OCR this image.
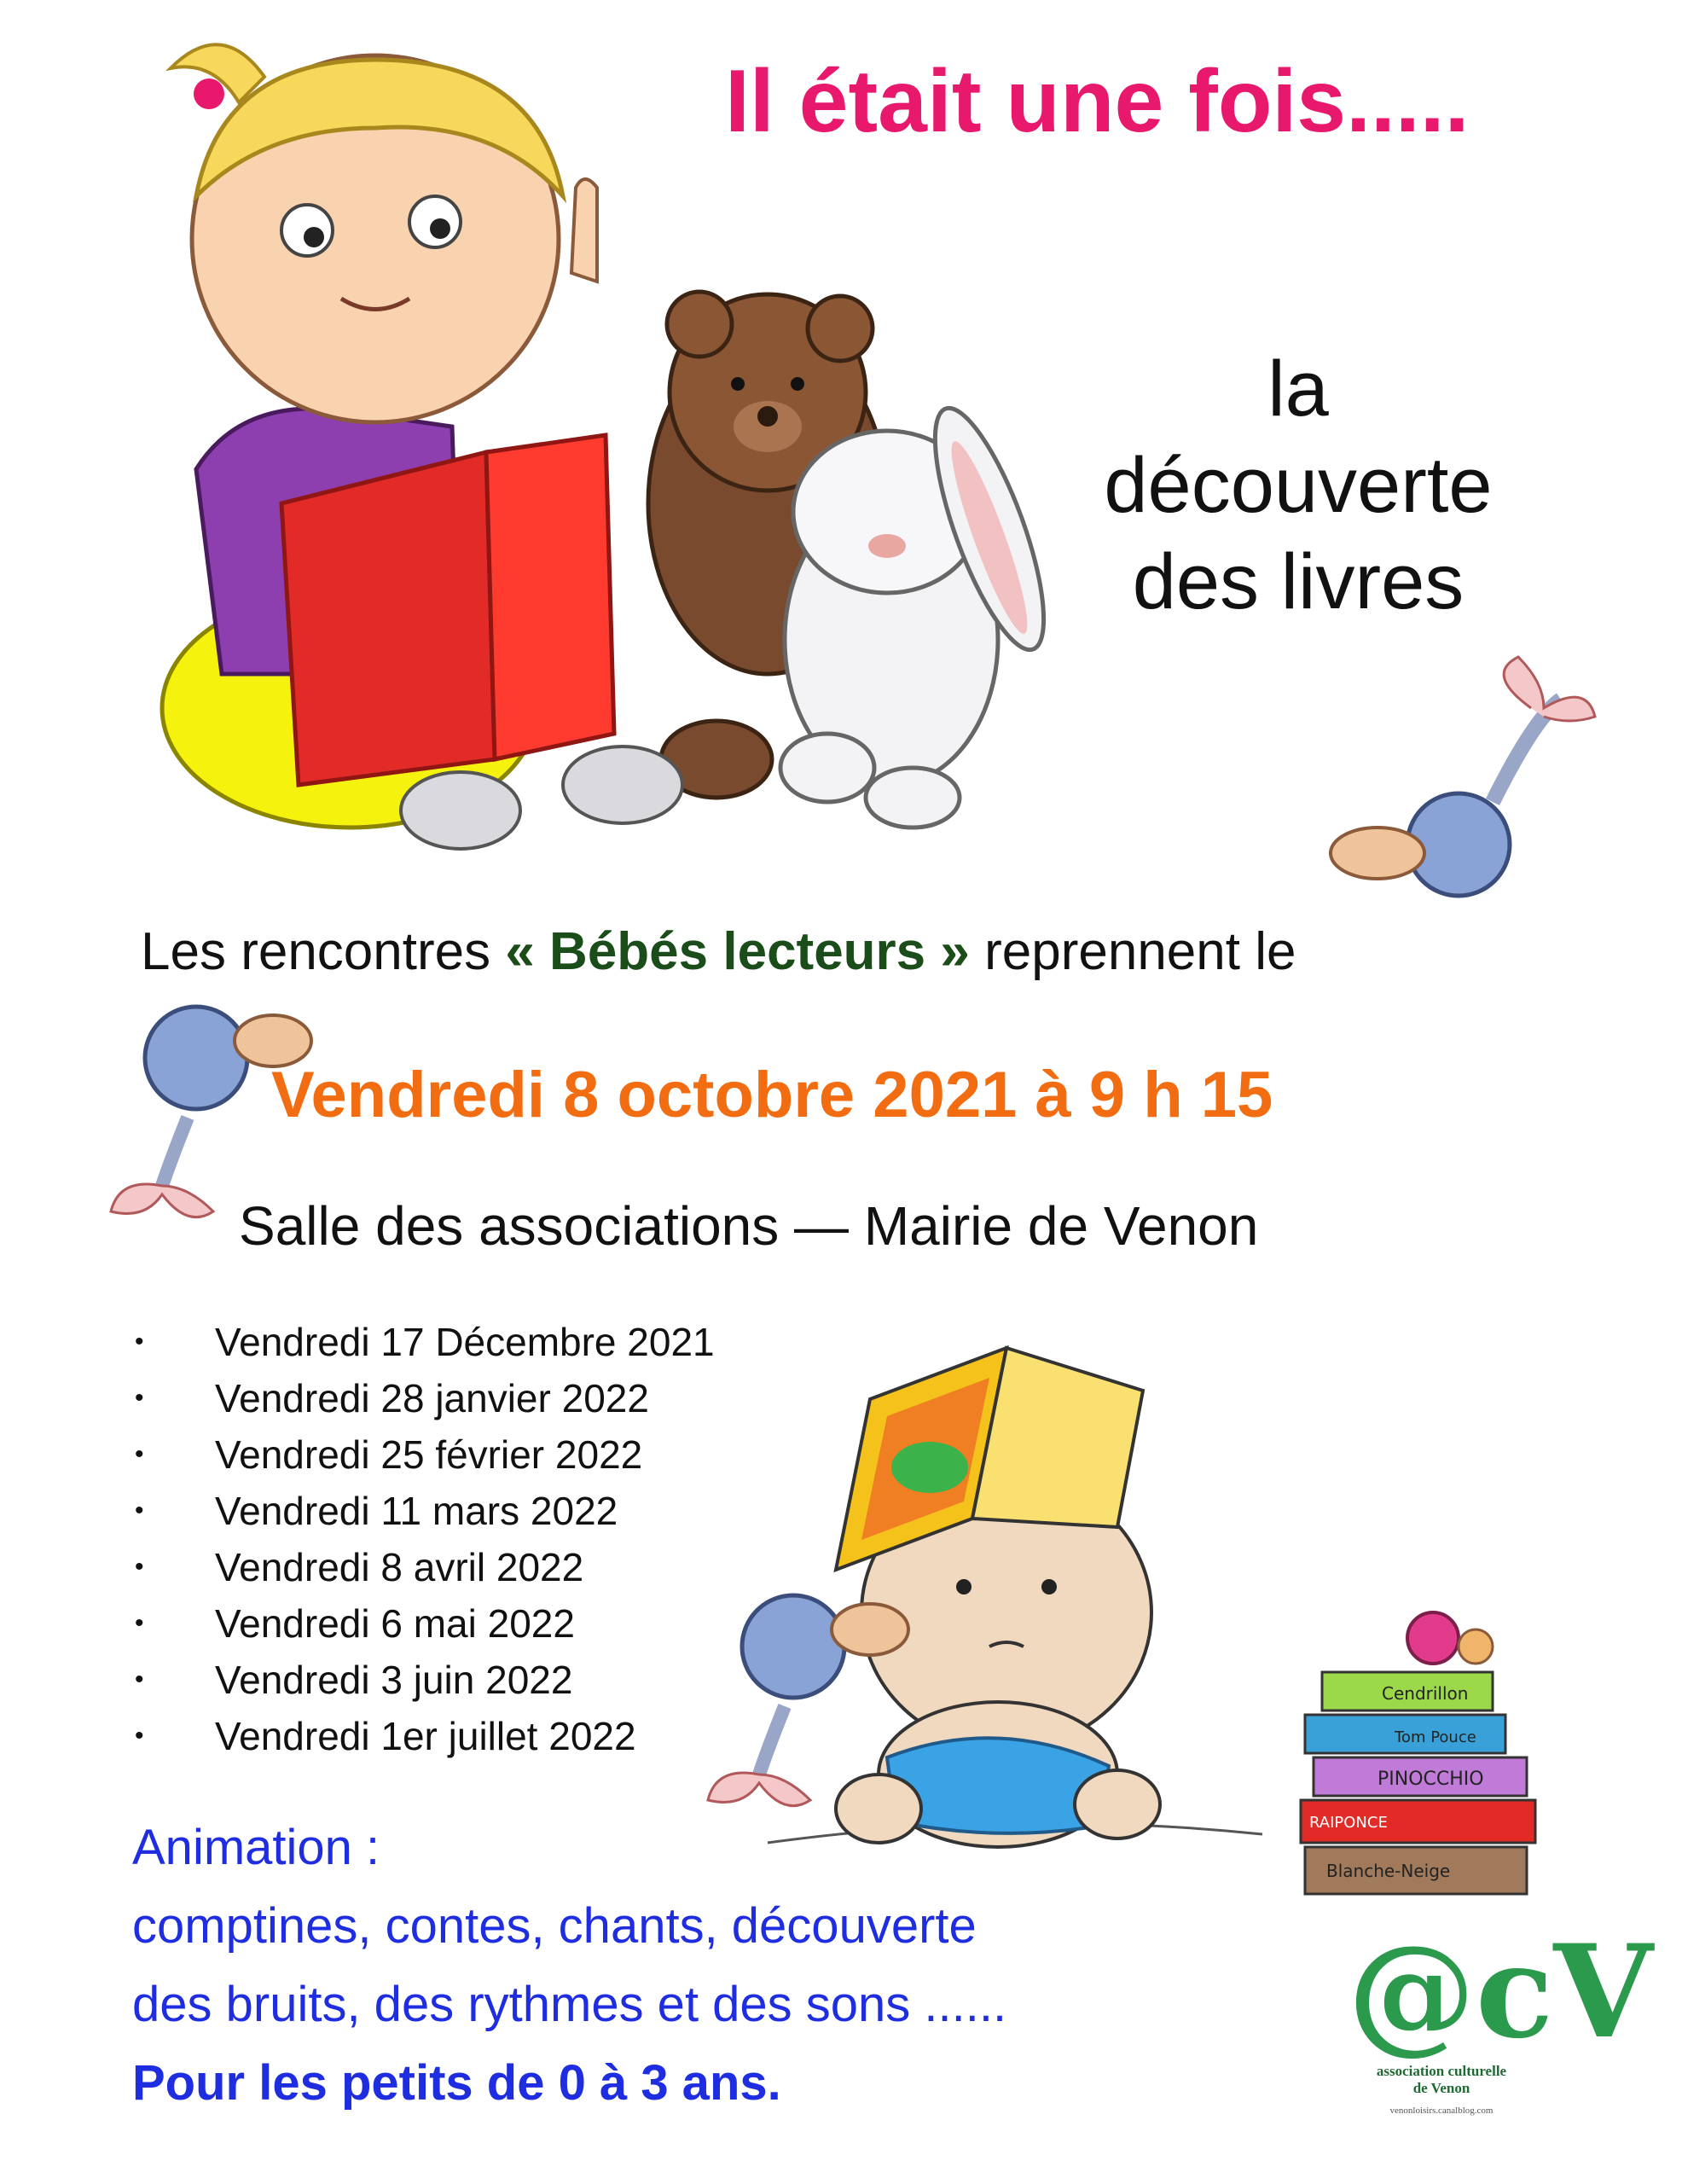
Il était une fois.....
la
découverte
des livres
Les rencontres « Bébés lecteurs » reprennent le
Vendredi 8 octobre 2021 à 9 h 15
Salle des associations — Mairie de Venon
• Vendredi 17 Décembre 2021
• Vendredi 28 janvier 2022
• Vendredi 25 février 2022
• Vendredi 11 mars 2022
• Vendredi 8 avril 2022
• Vendredi 6 mai 2022
• Vendredi 3 juin 2022
• Vendredi 1er juillet 2022
Cendrillon
Tom Pouce
PINOCCHIO
RAIPONCE
Blanche-Neige
Animation :
comptines, contes, chants, découverte
des bruits, des rythmes et des sons ......
Pour les petits de 0 à 3 ans.
@cV
association culturelle
de Venon
venonloisirs.canalblog.com
